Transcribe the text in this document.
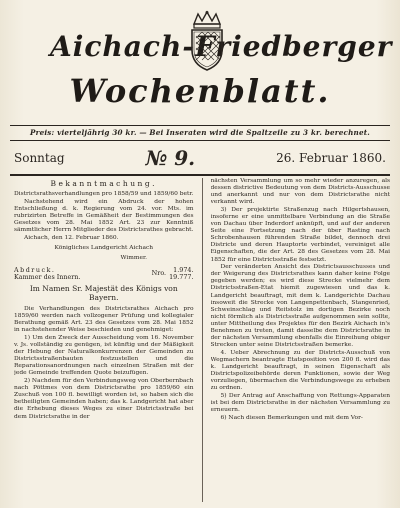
Aichach- Friedberger
Wochenblatt.
Preis: vierteljährig 30 kr. — Bei Inseraten wird die Spaltzeile zu 3 kr. berechnet.
Sonntag	№ 9.	26. Februar 1860.
Bekanntmachung.

Districtsrathsverhandlungen pro 1858/59 und 1859/60 betr.

Nachstehend wird ein Abdruck der hohen Entschließung d. k. Regierung vom 24. vor. Mts. im rubrizirten Betreffe in Gemäßheit der Bestimmungen des Gesetzes vom 28. Mai 1852 Art. 23 zur Kenntniß sämmtlicher Herrn Mitglieder des Districtsrathes gebracht.

Aichach, den 12. Februar 1860.

Königliches Landgericht Aichach
Wimmer.
Abdruck.
Kammer des Innern.	Nro.	1.974.
19.777.
Im Namen Sr. Majestät des Königs von Bayern.

Die Verhandlungen des Districtsrathes Aichach pro 1859/60 werden nach vollzogener Prüfung und kollegialer Berathung gemäß Art. 23 des Gesetzes vom 28. Mai 1852 in nachstehender Weise beschieden und genehmiget:

1) Um den Zweck der Ausscheidung vom 16. November v. Js. vollständig zu genügen, ist künftig und der Mäßigkeit der Hebung der Naturalkonkurrenzen der Gemeinden zu Districtsstraßenbauten festzustellen und die Reparationsanordnungen nach einzelnen Straßen mit der jede Gemeinde treffenden Quote beizufügen.

2) Nachdem für den Verbindungsweg von Oberbernbach nach Pöttmes von dem Districtsrathe pro 1859/60 ein Zuschuß von 100 fl. bewilligt worden ist, so haben sich die betheiligten Gemeinden haben; das k. Landgericht hat aber die Erhebung dieses Weges zu einer Districtsstraße bei dem Districtsrathe in der

nächsten Versammlung um so mehr wieder anzuregen, als dessen districtive Bedeutung von dem Districts-Ausschusse und anerkannt und nur von dem Districtsrathe nicht verkannt wird.

3) Der projektirte Straßenzug nach Hilgertshausen, insoferne er eine unmittelbare Verbindung an die Straße von Dachau über Inderdorf anknüpft, und auf der anderen Seite eine Fortsetzung nach der über Rasting nach Schrobenhausen führenden Straße bildet, dennoch drei Districte und deren Hauptorte verbindet, vereiniget alle Eigenschaften, die der Art. 28 des Gesetzes vom 28. Mai 1852 für eine Districtsstraße festsetzt.

Der veränderten Ansicht des Districtsausschusses und der Weigerung des Districtsrathes kann daher keine Folge gegeben werden; es wird diese Strecke vielmehr dem Districtsstraßen-Etat hiemit zugewiesen und das k. Landgericht beauftragt, mit dem k. Landgerichte Dachau insoweit die Strecke von Langenpettenbach, Stangenried, Schweinschlag und Reitstolz im dortigen Bezirke noch nicht förmlich als Districtsstraße aufgenommen sein sollte, unter Mittheilung des Projektes für den Bezirk Aichach in's Benehmen zu treten, damit dasselbe dem Districtsrathe in der nächsten Versammlung ebenfalls die Einreihung obiger Strecken unter seine Districtsstraßen bemerke.

4. Ueber Abrechnung zu der Districts-Ausschuß von Wegmachern beantragte Etatsposition von 200 fl. wird das k. Landgericht beauftragt, in seinen Eigenschaft als Districtspolizeibehörde deren Funktionen, sowie der Weg vorzuliegen, übermachen die Verbindungswege zu erheben zu ordnen.

5) Der Antrag auf Anschaffung von Rettungs-Apparaten ist bei dem Districtsrathe in der nächsten Versammlung zu erneuern.

6) Nach diesen Bemerkungen und mit dem Vor-
